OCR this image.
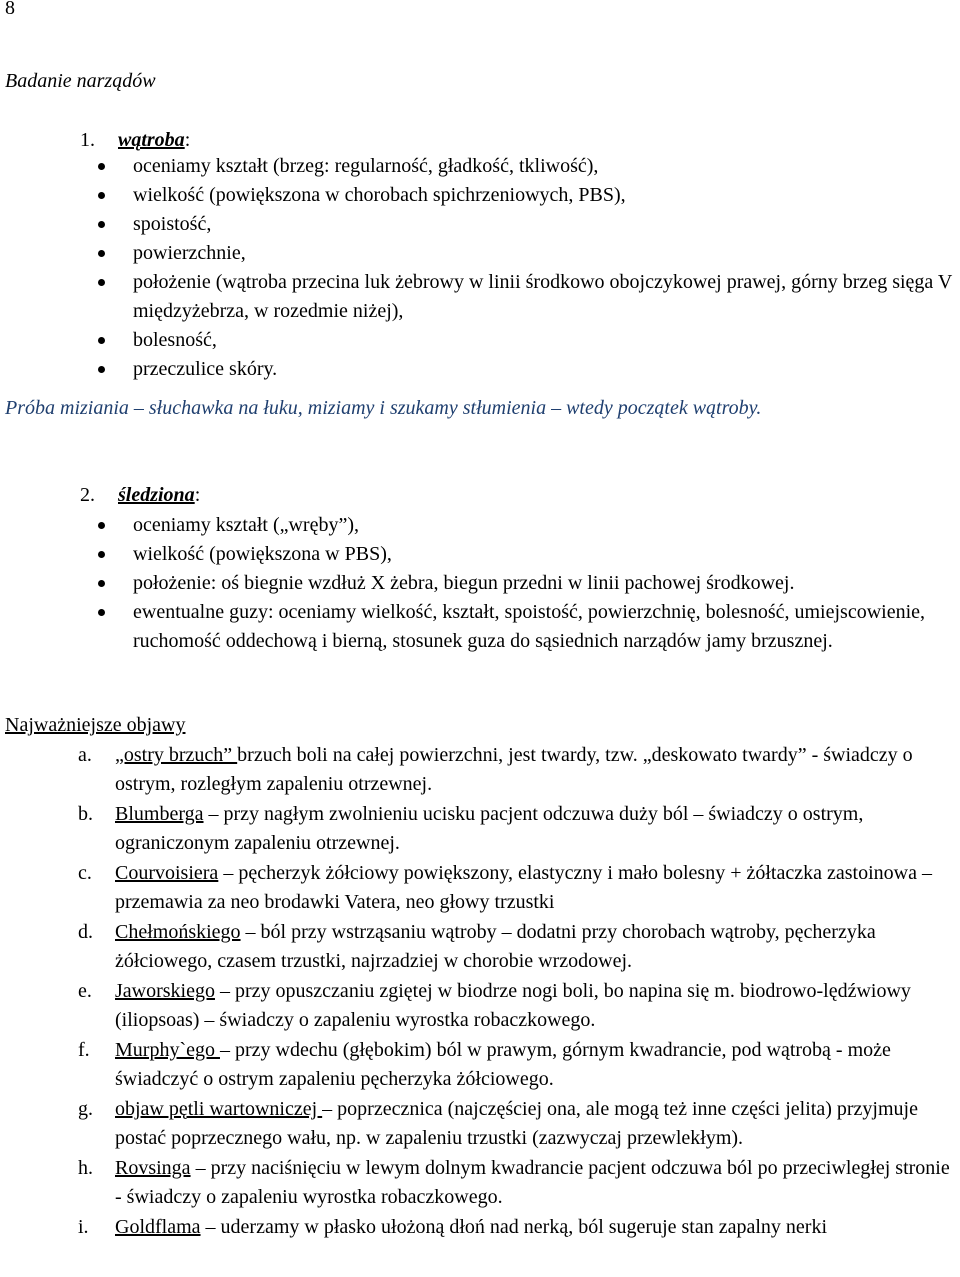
8
Badanie narządów
1. wątroba:
oceniamy kształt (brzeg: regularność, gładkość, tkliwość),
wielkość (powiększona w chorobach spichrzeniowych, PBS),
spoistość,
powierzchnie,
położenie (wątroba przecina luk żebrowy w linii środkowo obojczykowej prawej, górny brzeg sięga V międzyżebrza, w rozedmie niżej),
bolesność,
przeczulice skóry.
Próba miziania – słuchawka na łuku, miziamy i szukamy stłumienia – wtedy początek wątroby.
2. śledziona:
oceniamy kształt („wręby”),
wielkość (powiększona w PBS),
położenie: oś biegnie wzdłuż X żebra, biegun przedni w linii pachowej środkowej.
ewentualne guzy: oceniamy wielkość, kształt, spoistość, powierzchnię, bolesność, umiejscowienie, ruchomość oddechową i bierną, stosunek guza do sąsiednich narządów jamy brzusznej.
Najważniejsze objawy
a. „ostry brzuch” brzuch boli na całej powierzchni, jest twardy, tzw. „deskowato twardy” - świadczy o ostrym, rozległym zapaleniu otrzewnej.
b. Blumberga – przy nagłym zwolnieniu ucisku pacjent odczuwa duży ból – świadczy o ostrym, ograniczonym zapaleniu otrzewnej.
c. Courvoisiera – pęcherzyk żółciowy powiększony, elastyczny i mało bolesny + żółtaczka zastoinowa – przemawia za neo brodawki Vatera, neo głowy trzustki
d. Chełmońskiego – ból przy wstrząsaniu wątroby – dodatni przy chorobach wątroby, pęcherzyka żółciowego, czasem trzustki, najrzadziej w chorobie wrzodowej.
e. Jaworskiego – przy opuszczaniu zgiętej w biodrze nogi boli, bo napina się m. biodrowo-lędźwiowy (iliopsoas) – świadczy o zapaleniu wyrostka robaczkowego.
f. Murphy`ego – przy wdechu (głębokim) ból w prawym, górnym kwadrancie, pod wątrobą - może świadczyć o ostrym zapaleniu pęcherzyka żółciowego.
g. objaw pętli wartowniczej – poprzecznica (najczęściej ona, ale mogą też inne części jelita) przyjmuje postać poprzecznego wału, np. w zapaleniu trzustki (zazwyczaj przewlekłym).
h. Rovsinga – przy naciśnięciu w lewym dolnym kwadrancie pacjent odczuwa ból po przeciwległej stronie - świadczy o zapaleniu wyrostka robaczkowego.
i. Goldflama – uderzamy w płasko ułożoną dłoń nad nerką, ból sugeruje stan zapalny nerki
